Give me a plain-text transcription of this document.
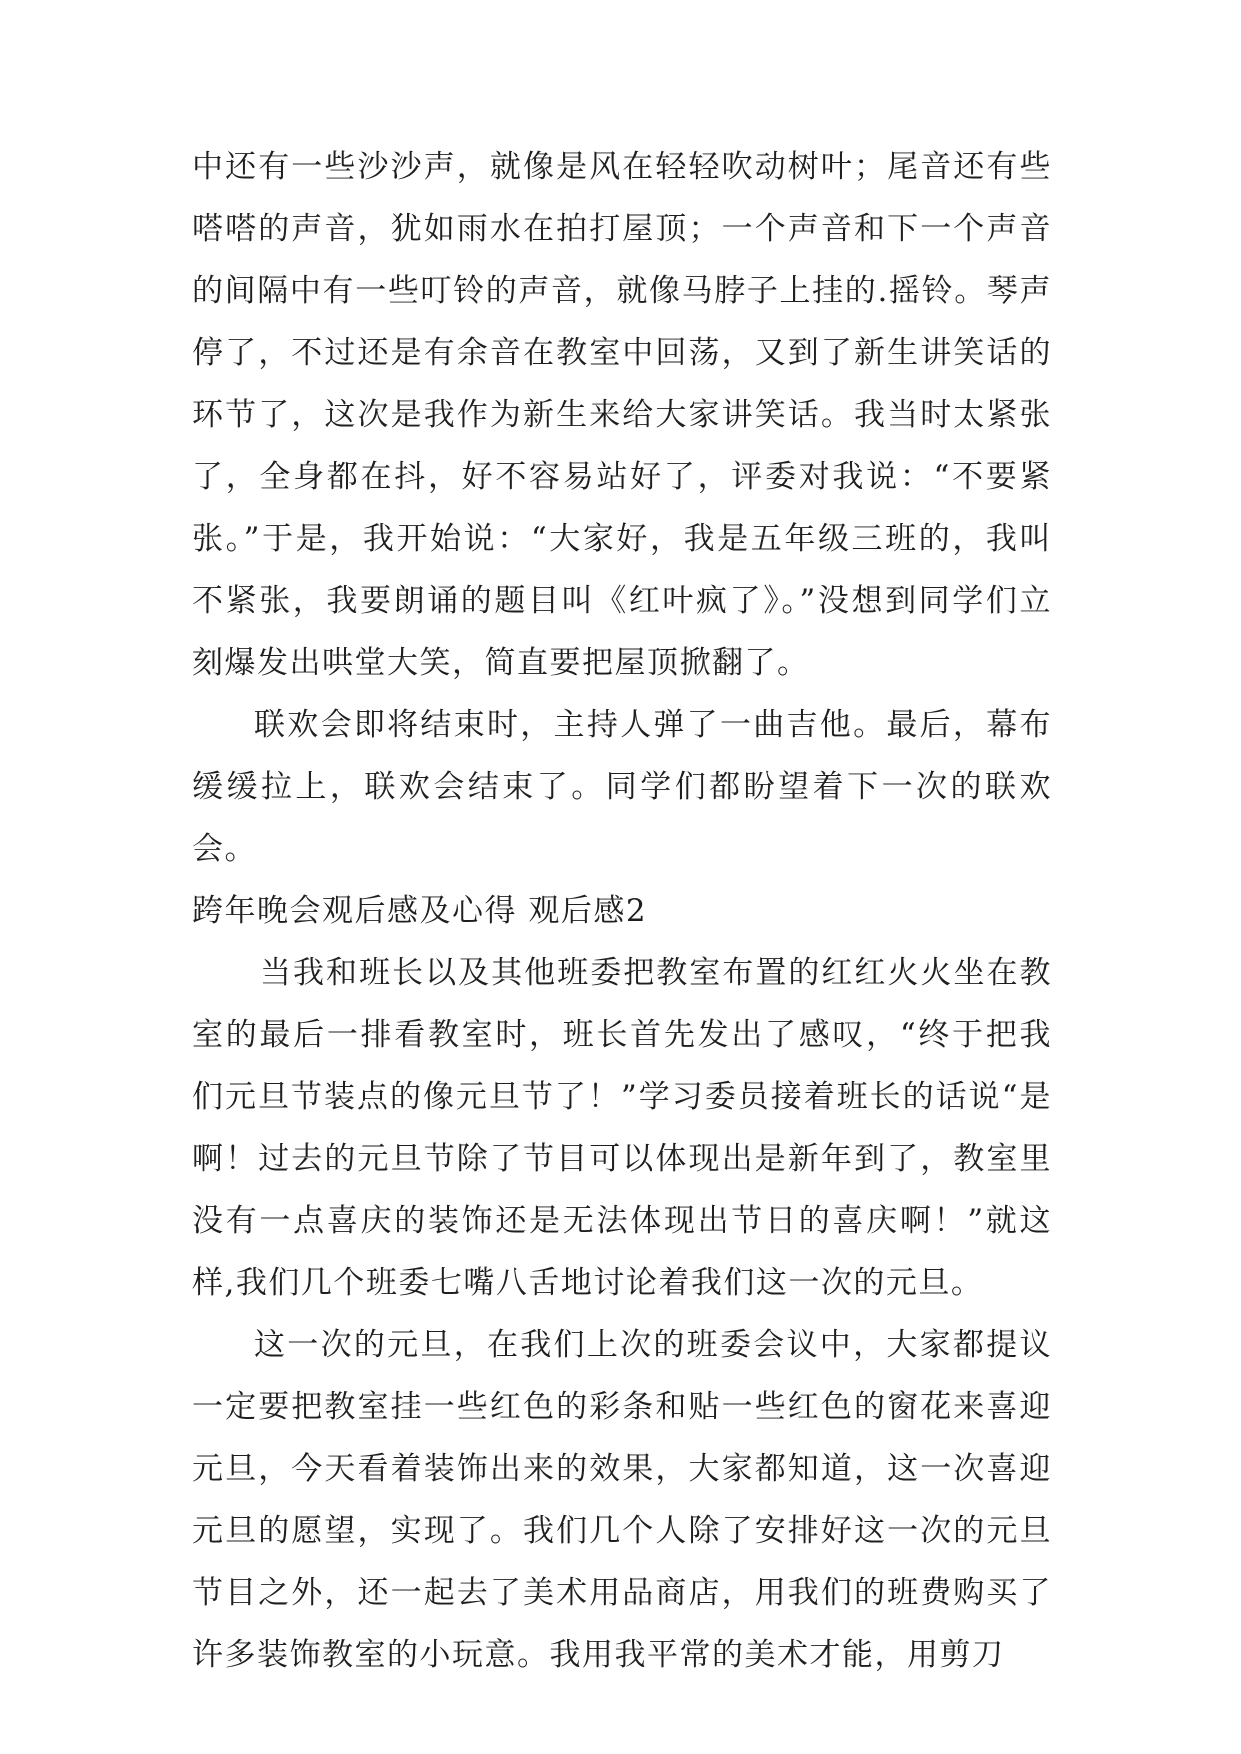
中还有一些沙沙声，就像是风在轻轻吹动树叶；尾音还有些嗒嗒的声音，犹如雨水在拍打屋顶；一个声音和下一个声音的间隔中有一些叮铃的声音，就像马脖子上挂的.摇铃。琴声停了，不过还是有余音在教室中回荡，又到了新生讲笑话的环节了，这次是我作为新生来给大家讲笑话。我当时太紧张了，全身都在抖，好不容易站好了，评委对我说：“不要紧张。”于是，我开始说：“大家好，我是五年级三班的，我叫不紧张，我要朗诵的题目叫《红叶疯了》。”没想到同学们立刻爆发出哄堂大笑，简直要把屋顶掀翻了。

联欢会即将结束时，主持人弹了一曲吉他。最后，幕布缓缓拉上，联欢会结束了。同学们都盼望着下一次的联欢会。

跨年晚会观后感及心得 观后感2

当我和班长以及其他班委把教室布置的红红火火坐在教室的最后一排看教室时，班长首先发出了感叹，“终于把我们元旦节装点的像元旦节了！”学习委员接着班长的话说“是啊！过去的元旦节除了节目可以体现出是新年到了，教室里没有一点喜庆的装饰还是无法体现出节日的喜庆啊！”就这样,我们几个班委七嘴八舌地讨论着我们这一次的元旦。

这一次的元旦，在我们上次的班委会议中，大家都提议一定要把教室挂一些红色的彩条和贴一些红色的窗花来喜迎元旦，今天看着装饰出来的效果，大家都知道，这一次喜迎元旦的愿望，实现了。我们几个人除了安排好这一次的元旦节目之外，还一起去了美术用品商店，用我们的班费购买了许多装饰教室的小玩意。我用我平常的美术才能，用剪刀
